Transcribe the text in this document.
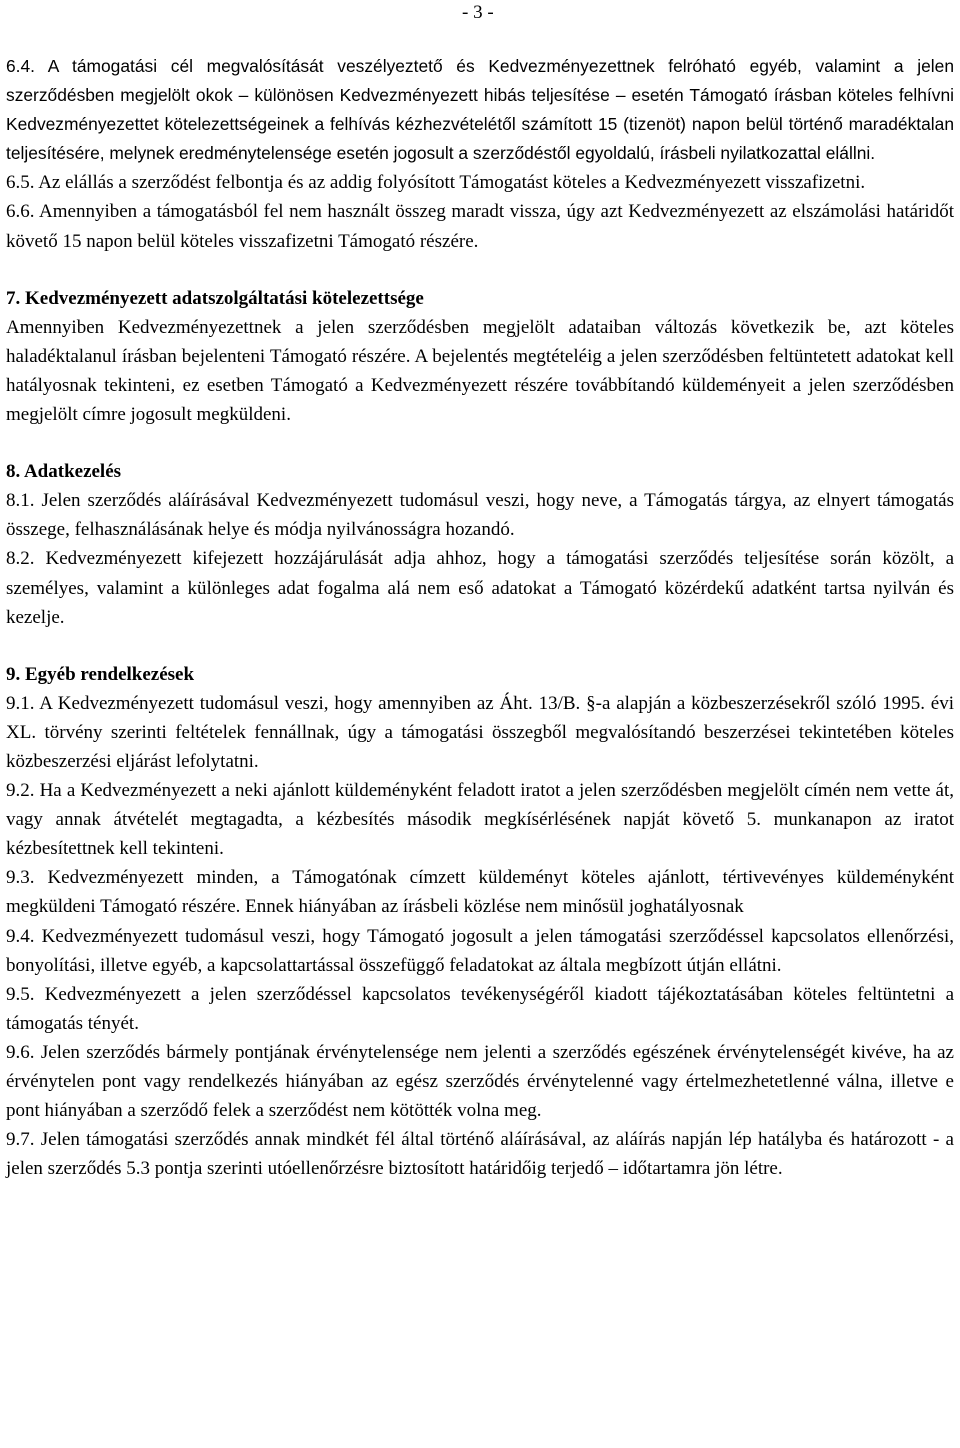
- 3 -

6.4. A támogatási cél megvalósítását veszélyeztető és Kedvezményezettnek felróható egyéb, valamint a jelen szerződésben megjelölt okok – különösen Kedvezményezett hibás teljesítése – esetén Támogató írásban köteles felhívni Kedvezményezettet kötelezettségeinek a felhívás kézhezvételétől számított 15 (tizenöt) napon belül történő maradéktalan teljesítésére, melynek eredménytelensége esetén jogosult a szerződéstől egyoldalú, írásbeli nyilatkozattal elállni.

6.5. Az elállás a szerződést felbontja és az addig folyósított Támogatást köteles a Kedvezményezett visszafizetni.

6.6. Amennyiben a támogatásból fel nem használt összeg maradt vissza, úgy azt Kedvezményezett az elszámolási határidőt követő 15 napon belül köteles visszafizetni Támogató részére.

7. Kedvezményezett adatszolgáltatási kötelezettsége

Amennyiben Kedvezményezettnek a jelen szerződésben megjelölt adataiban változás következik be, azt köteles haladéktalanul írásban bejelenteni Támogató részére. A bejelentés megtételéig a jelen szerződésben feltüntetett adatokat kell hatályosnak tekinteni, ez esetben Támogató a Kedvezményezett részére továbbítandó küldeményeit a jelen szerződésben megjelölt címre jogosult megküldeni.

8. Adatkezelés

8.1. Jelen szerződés aláírásával Kedvezményezett tudomásul veszi, hogy neve, a Támogatás tárgya, az elnyert támogatás összege, felhasználásának helye és módja nyilvánosságra hozandó.

8.2. Kedvezményezett kifejezett hozzájárulását adja ahhoz, hogy a támogatási szerződés teljesítése során közölt, a személyes, valamint a különleges adat fogalma alá nem eső adatokat a Támogató közérdekű adatként tartsa nyilván és kezelje.

9. Egyéb rendelkezések

9.1. A Kedvezményezett tudomásul veszi, hogy amennyiben az Áht. 13/B. §-a alapján a közbeszerzésekről szóló 1995. évi XL. törvény szerinti feltételek fennállnak, úgy a támogatási összegből megvalósítandó beszerzései tekintetében köteles közbeszerzési eljárást lefolytatni.

9.2. Ha a Kedvezményezett a neki ajánlott küldeményként feladott iratot a jelen szerződésben megjelölt címén nem vette át, vagy annak átvételét megtagadta, a kézbesítés második megkísérlésének napját követő 5. munkanapon az iratot kézbesítettnek kell tekinteni.

9.3. Kedvezményezett minden, a Támogatónak címzett küldeményt köteles ajánlott, tértivevényes küldeményként megküldeni Támogató részére. Ennek hiányában az írásbeli közlése nem minősül joghatályosnak

9.4. Kedvezményezett tudomásul veszi, hogy Támogató jogosult a jelen támogatási szerződéssel kapcsolatos ellenőrzési, bonyolítási, illetve egyéb, a kapcsolattartással összefüggő feladatokat az általa megbízott útján ellátni.

9.5. Kedvezményezett a jelen szerződéssel kapcsolatos tevékenységéről kiadott tájékoztatásában köteles feltüntetni a támogatás tényét.

9.6. Jelen szerződés bármely pontjának érvénytelensége nem jelenti a szerződés egészének érvénytelenségét kivéve, ha az érvénytelen pont vagy rendelkezés hiányában az egész szerződés érvénytelenné vagy értelmezhetetlenné válna, illetve e pont hiányában a szerződő felek a szerződést nem kötötték volna meg.

9.7. Jelen támogatási szerződés annak mindkét fél által történő aláírásával, az aláírás napján lép hatályba és határozott - a jelen szerződés 5.3 pontja szerinti utóellenőrzésre biztosított határidőig terjedő – időtartamra jön létre.
